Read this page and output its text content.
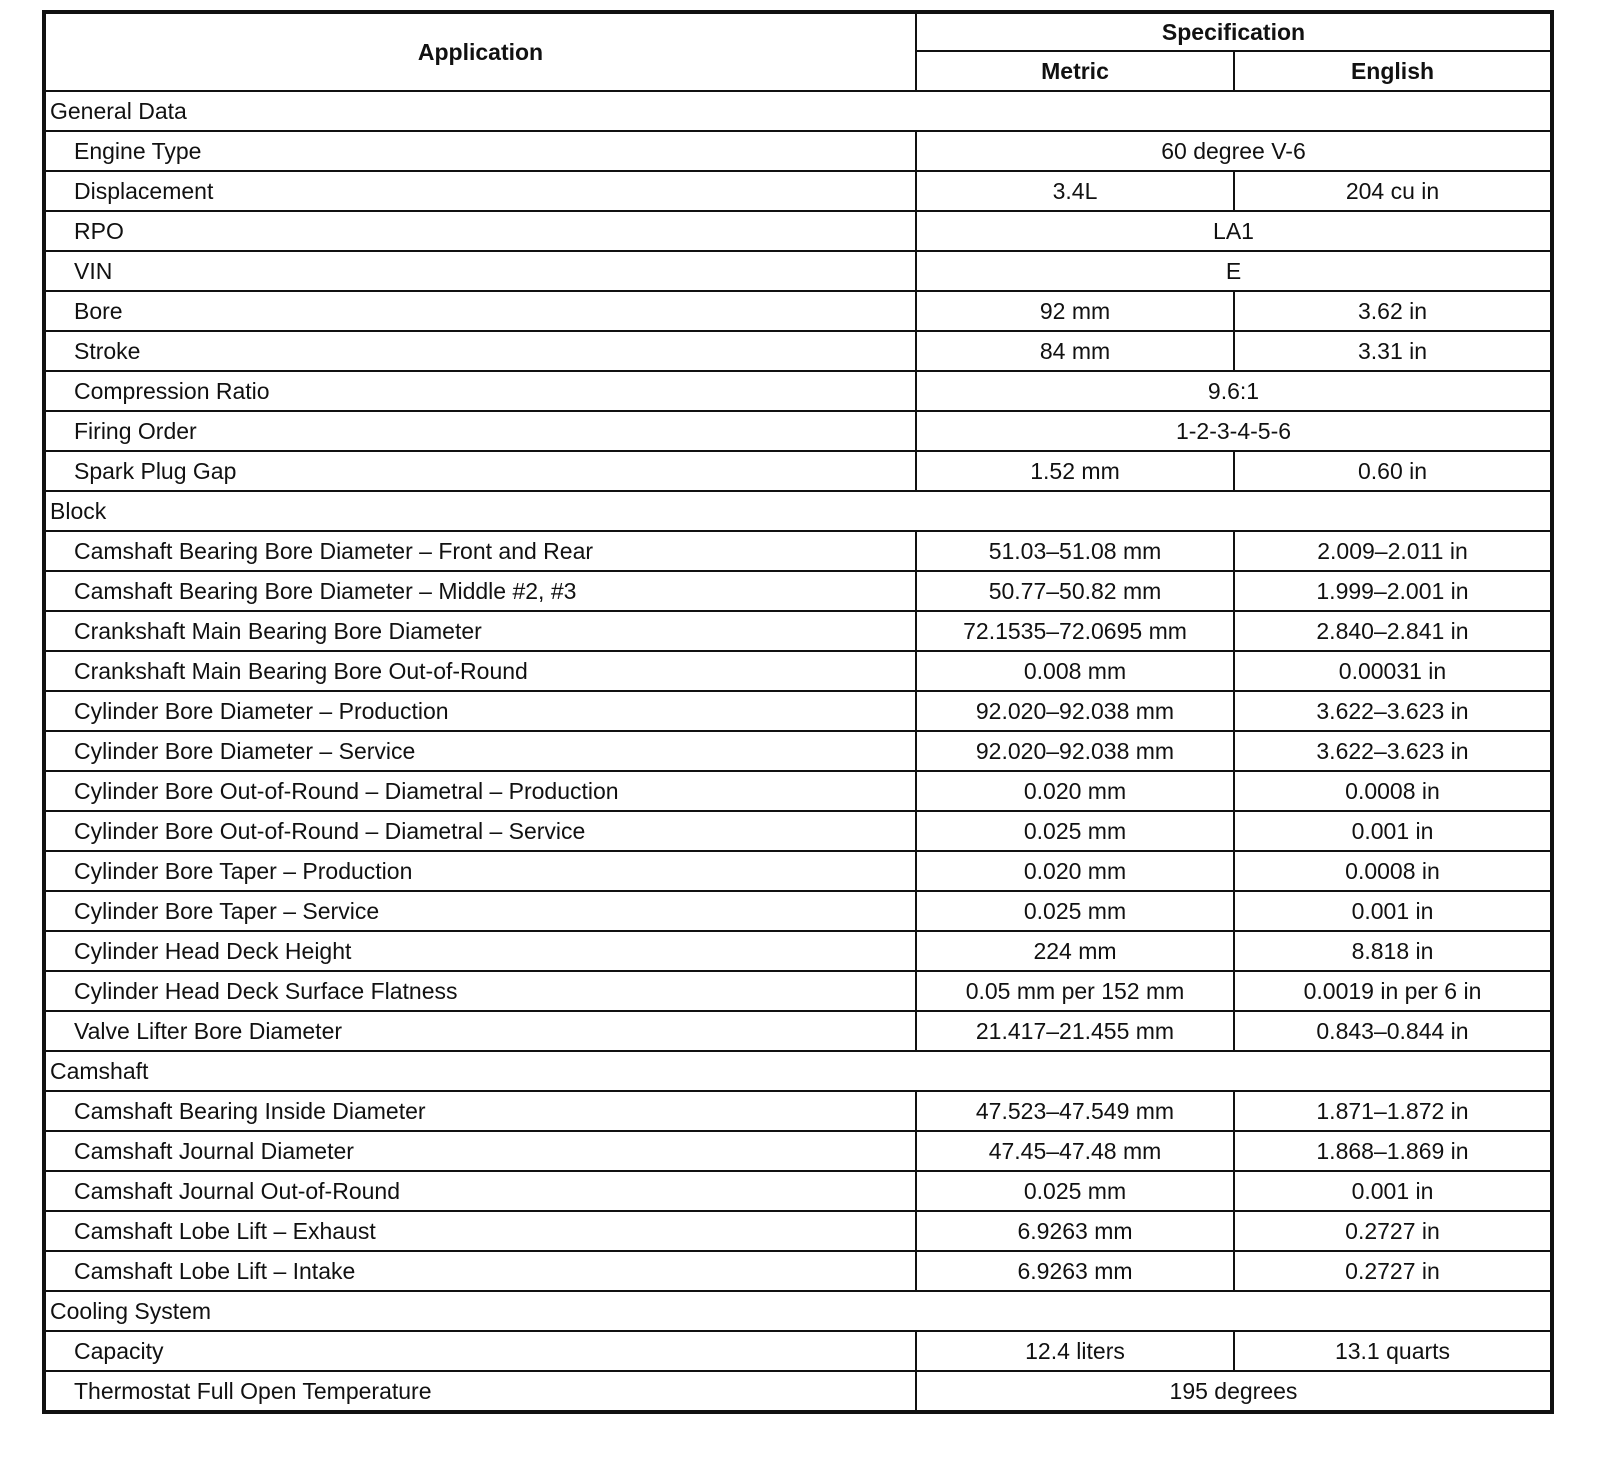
Application	Specification	
	Metric	English
General Data		
Engine Type	60 degree V-6	
Displacement	3.4L	204 cu in
RPO	LA1	
VIN	E	
Bore	92 mm	3.62 in
Stroke	84 mm	3.31 in
Compression Ratio	9.6:1	
Firing Order	1-2-3-4-5-6	
Spark Plug Gap	1.52 mm	0.60 in
Block		
Camshaft Bearing Bore Diameter – Front and Rear	51.03–51.08 mm	2.009–2.011 in
Camshaft Bearing Bore Diameter – Middle #2, #3	50.77–50.82 mm	1.999–2.001 in
Crankshaft Main Bearing Bore Diameter	72.1535–72.0695 mm	2.840–2.841 in
Crankshaft Main Bearing Bore Out-of-Round	0.008 mm	0.00031 in
Cylinder Bore Diameter – Production	92.020–92.038 mm	3.622–3.623 in
Cylinder Bore Diameter – Service	92.020–92.038 mm	3.622–3.623 in
Cylinder Bore Out-of-Round – Diametral – Production	0.020 mm	0.0008 in
Cylinder Bore Out-of-Round – Diametral – Service	0.025 mm	0.001 in
Cylinder Bore Taper – Production	0.020 mm	0.0008 in
Cylinder Bore Taper – Service	0.025 mm	0.001 in
Cylinder Head Deck Height	224 mm	8.818 in
Cylinder Head Deck Surface Flatness	0.05 mm per 152 mm	0.0019 in per 6 in
Valve Lifter Bore Diameter	21.417–21.455 mm	0.843–0.844 in
Camshaft		
Camshaft Bearing Inside Diameter	47.523–47.549 mm	1.871–1.872 in
Camshaft Journal Diameter	47.45–47.48 mm	1.868–1.869 in
Camshaft Journal Out-of-Round	0.025 mm	0.001 in
Camshaft Lobe Lift – Exhaust	6.9263 mm	0.2727 in
Camshaft Lobe Lift – Intake	6.9263 mm	0.2727 in
Cooling System		
Capacity	12.4 liters	13.1 quarts
Thermostat Full Open Temperature	195 degrees	
